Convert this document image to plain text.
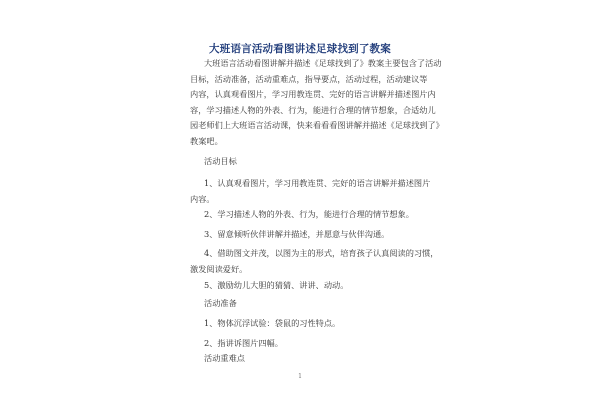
大班语言活动看图讲述足球找到了教案
大班语言活动看图讲解并描述《足球找到了》教案主要包含了活动
目标，活动准备，活动重难点，指导要点，活动过程，活动建议等
内容，认真观看图片，学习用教连贯、完好的语言讲解并描述图片内
容，学习描述人物的外表、行为，能进行合理的情节想象，合适幼儿
园老师们上大班语言活动课，快来看看看图讲解并描述《足球找到了》
教案吧。
活动目标
1、认真观看图片，学习用教连贯、完好的语言讲解并描述图片
内容。
2、学习描述人物的外表、行为，能进行合理的情节想象。
3、留意倾听伙伴讲解并描述，并愿意与伙伴沟通。
4、借助图文并茂，以图为主的形式，培育孩子认真阅读的习惯，
激发阅读爱好。
5、激励幼儿大胆的猜猜、讲讲、动动。
活动准备
1、物体沉浮试验：袋鼠的习性特点。
2、指讲诉图片四幅。
活动重难点
1
